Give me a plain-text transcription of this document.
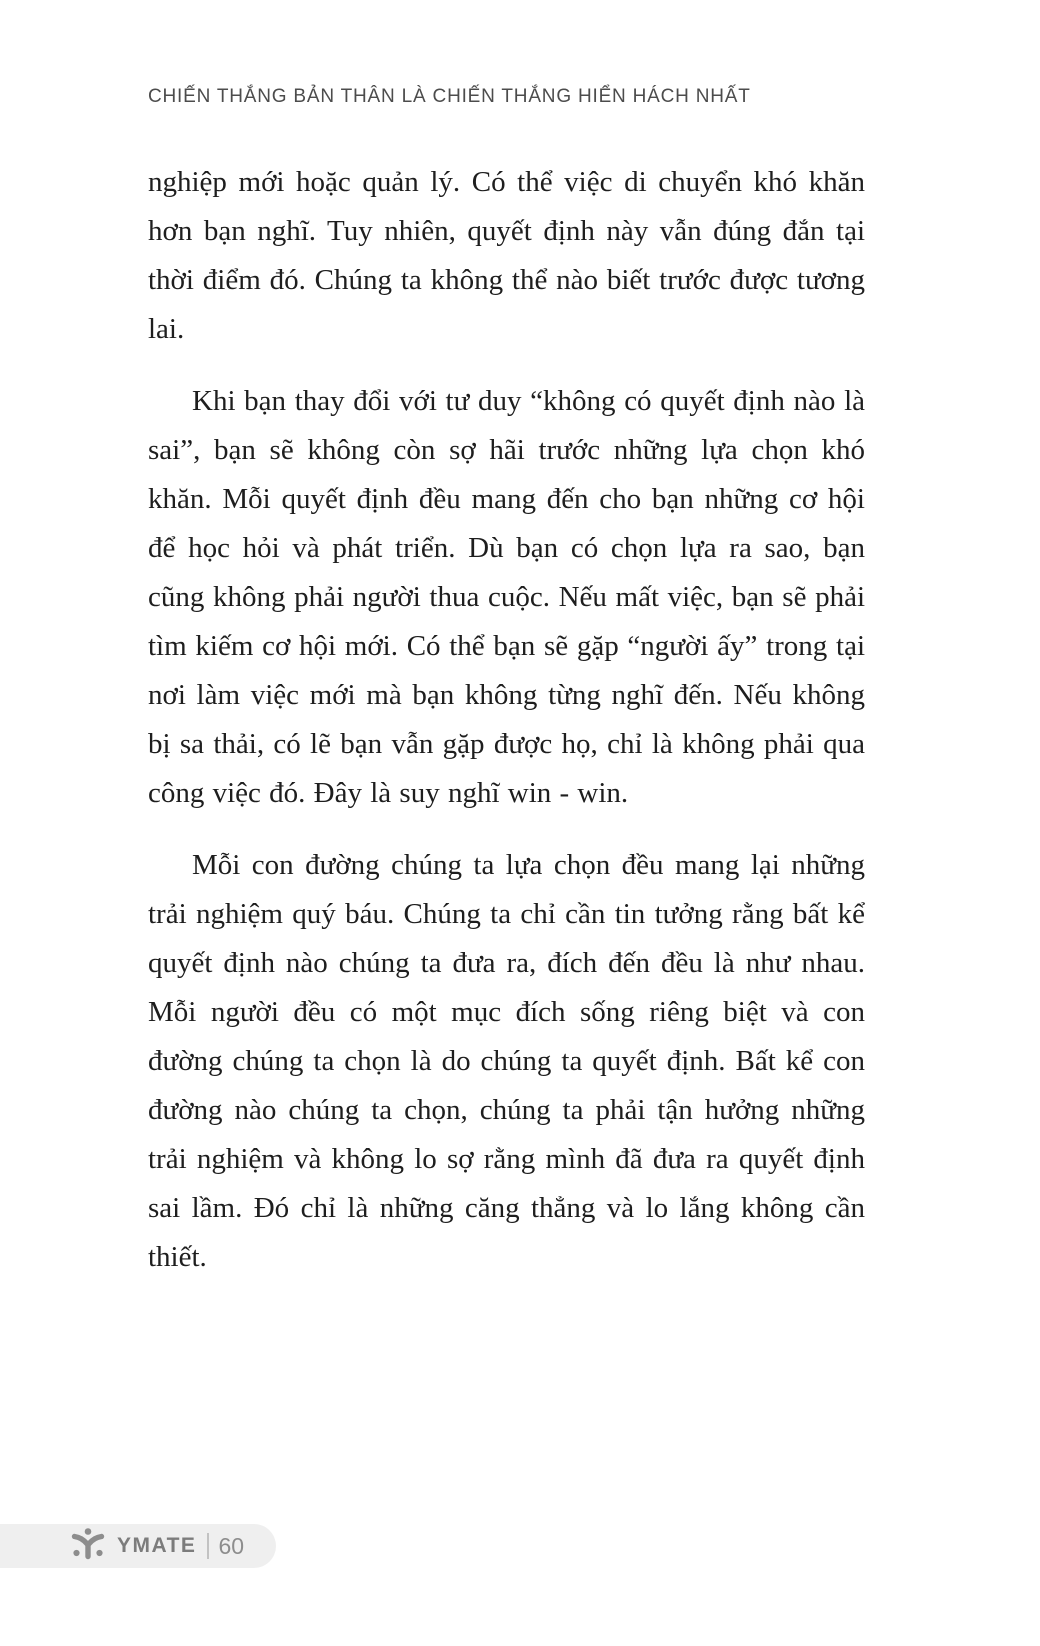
CHIẾN THẮNG BẢN THÂN LÀ CHIẾN THẮNG HIỂN HÁCH NHẤT

nghiệp mới hoặc quản lý. Có thể việc di chuyển khó khăn hơn bạn nghĩ. Tuy nhiên, quyết định này vẫn đúng đắn tại thời điểm đó. Chúng ta không thể nào biết trước được tương lai.

Khi bạn thay đổi với tư duy “không có quyết định nào là sai”, bạn sẽ không còn sợ hãi trước những lựa chọn khó khăn. Mỗi quyết định đều mang đến cho bạn những cơ hội để học hỏi và phát triển. Dù bạn có chọn lựa ra sao, bạn cũng không phải người thua cuộc. Nếu mất việc, bạn sẽ phải tìm kiếm cơ hội mới. Có thể bạn sẽ gặp “người ấy” trong tại nơi làm việc mới mà bạn không từng nghĩ đến. Nếu không bị sa thải, có lẽ bạn vẫn gặp được họ, chỉ là không phải qua công việc đó. Đây là suy nghĩ win - win.

Mỗi con đường chúng ta lựa chọn đều mang lại những trải nghiệm quý báu. Chúng ta chỉ cần tin tưởng rằng bất kể quyết định nào chúng ta đưa ra, đích đến đều là như nhau. Mỗi người đều có một mục đích sống riêng biệt và con đường chúng ta chọn là do chúng ta quyết định. Bất kể con đường nào chúng ta chọn, chúng ta phải tận hưởng những trải nghiệm và không lo sợ rằng mình đã đưa ra quyết định sai lầm. Đó chỉ là những căng thẳng và lo lắng không cần thiết.

YMATE 60
